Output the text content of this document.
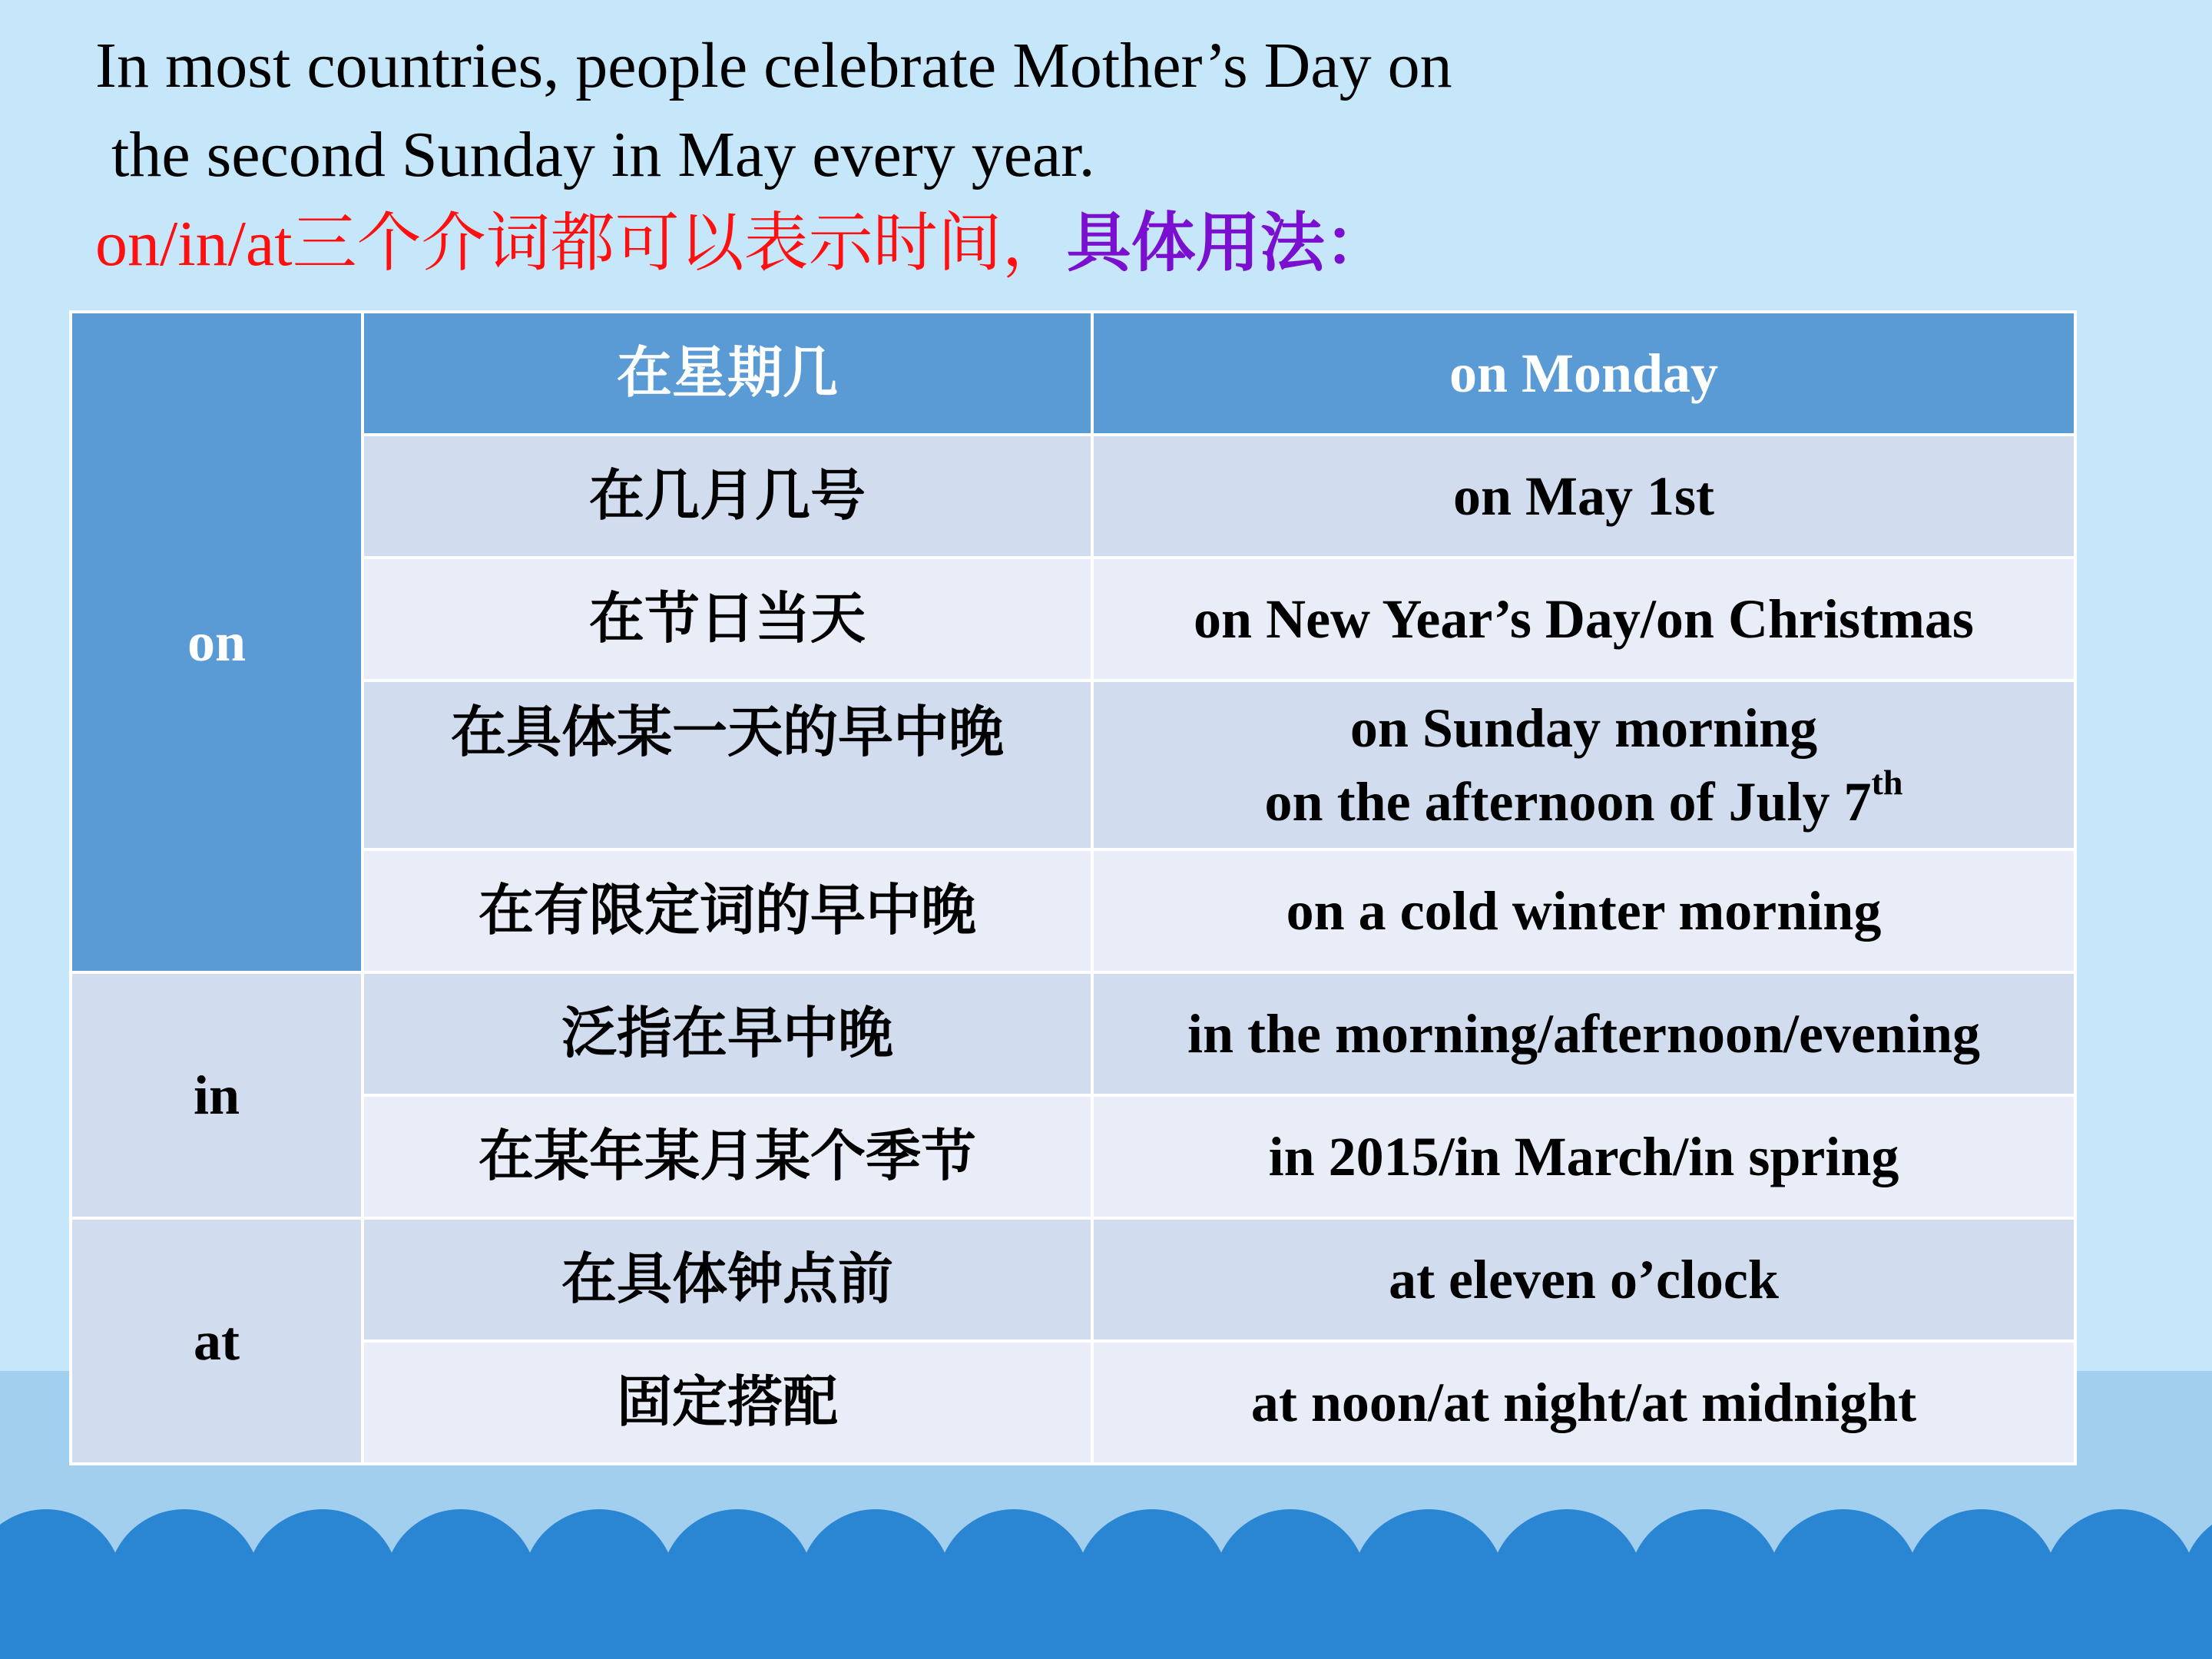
In most countries, people celebrate Mother’s Day on
the second Sunday in May every year.
on/in/at三个介词都可以表示时间，具体用法：
on	在星期几	on Monday
	在几月几号	on May 1st
	在节日当天	on New Year’s Day/on Christmas
	在具体某一天的早中晚	on Sunday morning
on the afternoon of July 7th

	在有限定词的早中晚	on a cold winter morning
in	泛指在早中晚	in the morning/afternoon/evening
	在某年某月某个季节	in 2015/in March/in spring
at	在具体钟点前	at eleven o’clock
	固定搭配	at noon/at night/at midnight
